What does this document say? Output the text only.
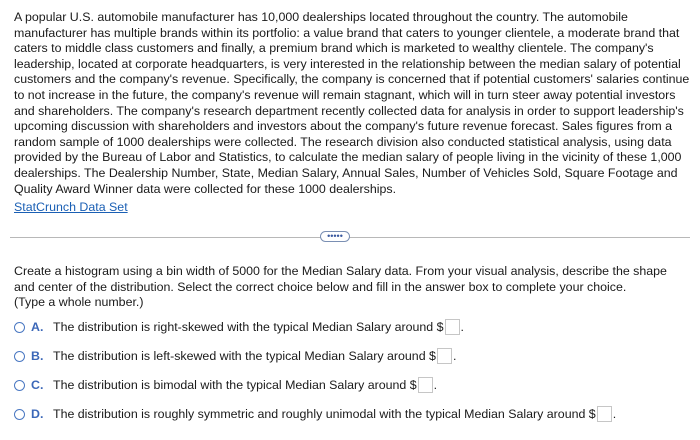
A popular U.S. automobile manufacturer has 10,000 dealerships located throughout the country. The automobile manufacturer has multiple brands within its portfolio: a value brand that caters to younger clientele, a moderate brand that caters to middle class customers and finally, a premium brand which is marketed to wealthy clientele. The company's leadership, located at corporate headquarters, is very interested in the relationship between the median salary of potential customers and the company's revenue. Specifically, the company is concerned that if potential customers' salaries continue to not increase in the future, the company's revenue will remain stagnant, which will in turn steer away potential investors and shareholders. The company's research department recently collected data for analysis in order to support leadership's upcoming discussion with shareholders and investors about the company's future revenue forecast. Sales figures from a random sample of 1000 dealerships were collected. The research division also conducted statistical analysis, using data provided by the Bureau of Labor and Statistics, to calculate the median salary of people living in the vicinity of these 1,000 dealerships. The Dealership Number, State, Median Salary, Annual Sales, Number of Vehicles Sold, Square Footage and Quality Award Winner data were collected for these 1000 dealerships.

StatCrunch Data Set
•••••

Create a histogram using a bin width of 5000 for the Median Salary data. From your visual analysis, describe the shape and center of the distribution. Select the correct choice below and fill in the answer box to complete your choice.

(Type a whole number.)
A. The distribution is right-skewed with the typical Median Salary around $ .
B. The distribution is left-skewed with the typical Median Salary around $ .
C. The distribution is bimodal with the typical Median Salary around $ .
D. The distribution is roughly symmetric and roughly unimodal with the typical Median Salary around $ .
